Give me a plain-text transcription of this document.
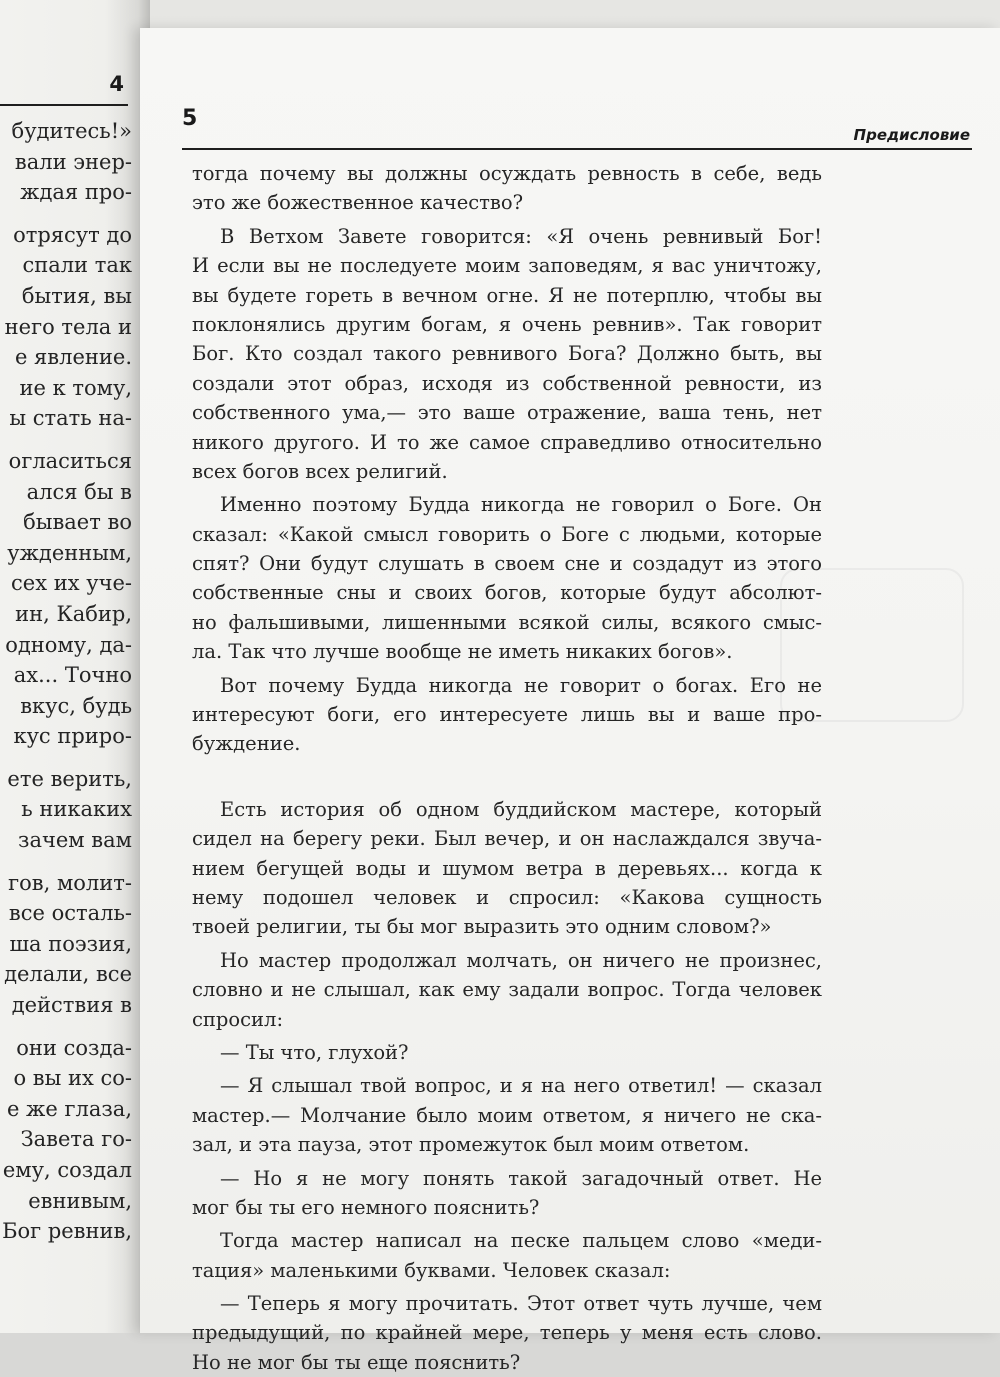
4
будитесь!»
вали энер-
ждая про-
отрясут до
спали так
бытия, вы
него тела и
е явление.
ие к тому,
ы стать на-
огласиться
ался бы в
бывает во
ужденным,
сех их уче-
ин, Кабир,
одному, да-
ах... Точно
вкус, будь
кус приро-
ете верить,
ь никаких
зачем вам
гов, молит-
все осталь-
ша поэзия,
делали, все
действия в
они созда-
о вы их со-
е же глаза,
Завета го-
ему, создал
евнивым,
Бог ревнив,
5
Предисловие
тогда почему вы должны осуждать ревность в себе, ведь
это же божественное качество?
В Ветхом Завете говорится: «Я очень ревнивый Бог!
И если вы не последуете моим заповедям, я вас уничтожу,
вы будете гореть в вечном огне. Я не потерплю, чтобы вы
поклонялись другим богам, я очень ревнив». Так говорит
Бог. Кто создал такого ревнивого Бога? Должно быть, вы
создали этот образ, исходя из собственной ревности, из
собственного ума,— это ваше отражение, ваша тень, нет
никого другого. И то же самое справедливо относительно
всех богов всех религий.
Именно поэтому Будда никогда не говорил о Боге. Он
сказал: «Какой смысл говорить о Боге с людьми, которые
спят? Они будут слушать в своем сне и создадут из этого
собственные сны и своих богов, которые будут абсолют-
но фальшивыми, лишенными всякой силы, всякого смыс-
ла. Так что лучше вообще не иметь никаких богов».
Вот почему Будда никогда не говорит о богах. Его не
интересуют боги, его интересуете лишь вы и ваше про-
буждение.
Есть история об одном буддийском мастере, который
сидел на берегу реки. Был вечер, и он наслаждался звуча-
нием бегущей воды и шумом ветра в деревьях... когда к
нему подошел человек и спросил: «Какова сущность
твоей религии, ты бы мог выразить это одним словом?»
Но мастер продолжал молчать, он ничего не произнес,
словно и не слышал, как ему задали вопрос. Тогда человек
спросил:
— Ты что, глухой?
— Я слышал твой вопрос, и я на него ответил! — сказал
мастер.— Молчание было моим ответом, я ничего не ска-
зал, и эта пауза, этот промежуток был моим ответом.
— Но я не могу понять такой загадочный ответ. Не
мог бы ты его немного пояснить?
Тогда мастер написал на песке пальцем слово «меди-
тация» маленькими буквами. Человек сказал:
— Теперь я могу прочитать. Этот ответ чуть лучше, чем
предыдущий, по крайней мере, теперь у меня есть слово.
Но не мог бы ты еще пояснить?
